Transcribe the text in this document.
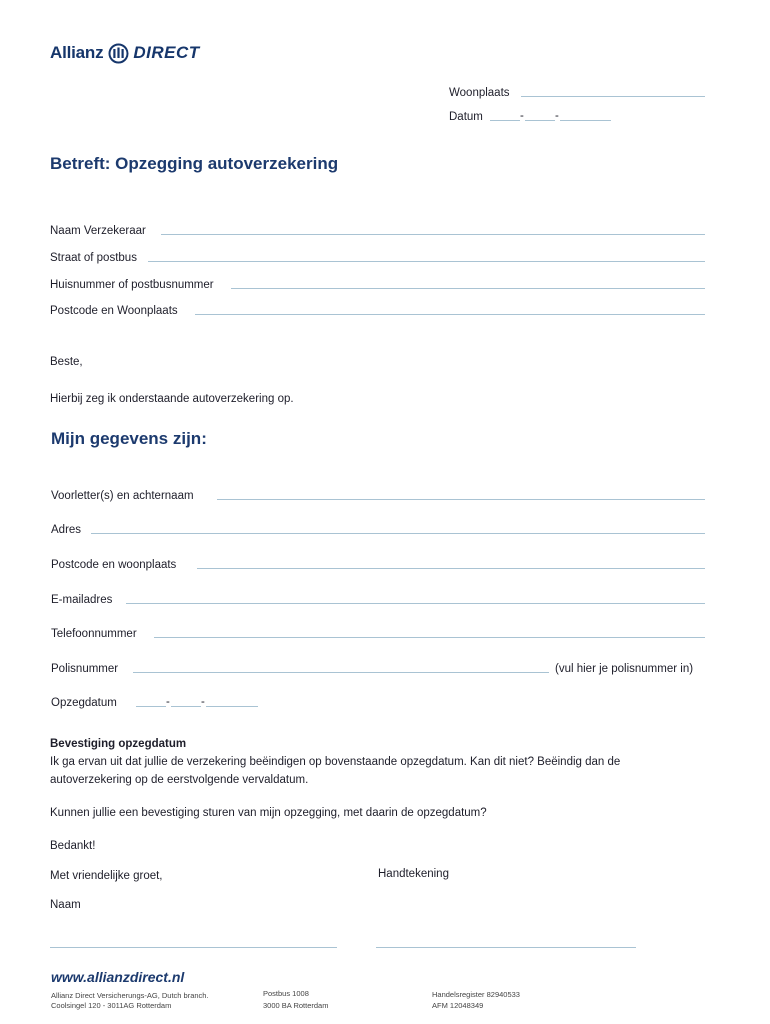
Allianz DIRECT
Woonplaats
Datum	-	-
Betreft: Opzegging autoverzekering
Naam Verzekeraar
Straat of postbus
Huisnummer of postbusnummer
Postcode en Woonplaats
Beste,
Hierbij zeg ik onderstaande autoverzekering op.
Mijn gegevens zijn:
Voorletter(s) en achternaam
Adres
Postcode en woonplaats
E-mailadres
Telefoonnummer
Polisnummer	(vul hier je polisnummer in)
Opzegdatum	-	-
Bevestiging opzegdatum
Ik ga ervan uit dat jullie de verzekering beëindigen op bovenstaande opzegdatum. Kan dit niet? Beëindig dan de
autoverzekering op de eerstvolgende vervaldatum.
Kunnen jullie een bevestiging sturen van mijn opzegging, met daarin de opzegdatum?
Bedankt!
Met vriendelijke groet,	Handtekening
Naam
www.allianzdirect.nl
Allianz Direct Versicherungs-AG, Dutch branch.
Coolsingel 120 - 3011AG Rotterdam
Postbus 1008
3000 BA Rotterdam
Handelsregister 82940533
AFM 12048349
